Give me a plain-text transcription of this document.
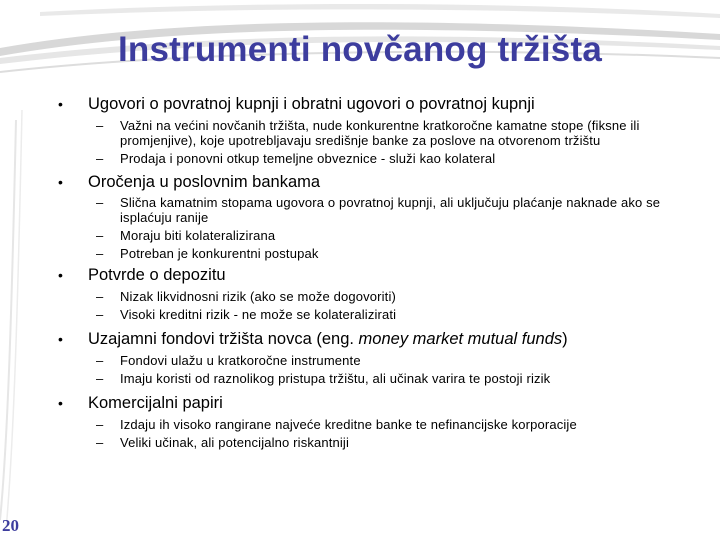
Instrumenti novčanog tržišta
• Ugovori o povratnoj kupnji i obratni ugovori o povratnoj kupnji
– Važni na većini novčanih tržišta, nude konkurentne kratkoročne kamatne stope (fiksne ili promjenjive), koje upotrebljavaju središnje banke za poslove na otvorenom tržištu
– Prodaja i ponovni otkup temeljne obveznice - služi kao kolateral
• Oročenja u poslovnim bankama
– Slična kamatnim stopama ugovora o povratnoj kupnji, ali uključuju plaćanje naknade ako se isplaćuju ranije
– Moraju biti kolateralizirana
– Potreban je konkurentni postupak
• Potvrde o depozitu
– Nizak likvidnosni rizik (ako se može dogovoriti)
– Visoki kreditni rizik - ne može se kolateralizirati
• Uzajamni fondovi tržišta novca (eng. money market mutual funds)
– Fondovi ulažu u kratkoročne instrumente
– Imaju koristi od raznolikog pristupa tržištu, ali učinak varira te postoji rizik
• Komercijalni papiri
– Izdaju ih visoko rangirane najveće kreditne banke te nefinancijske korporacije
– Veliki učinak, ali potencijalno riskantniji
20
